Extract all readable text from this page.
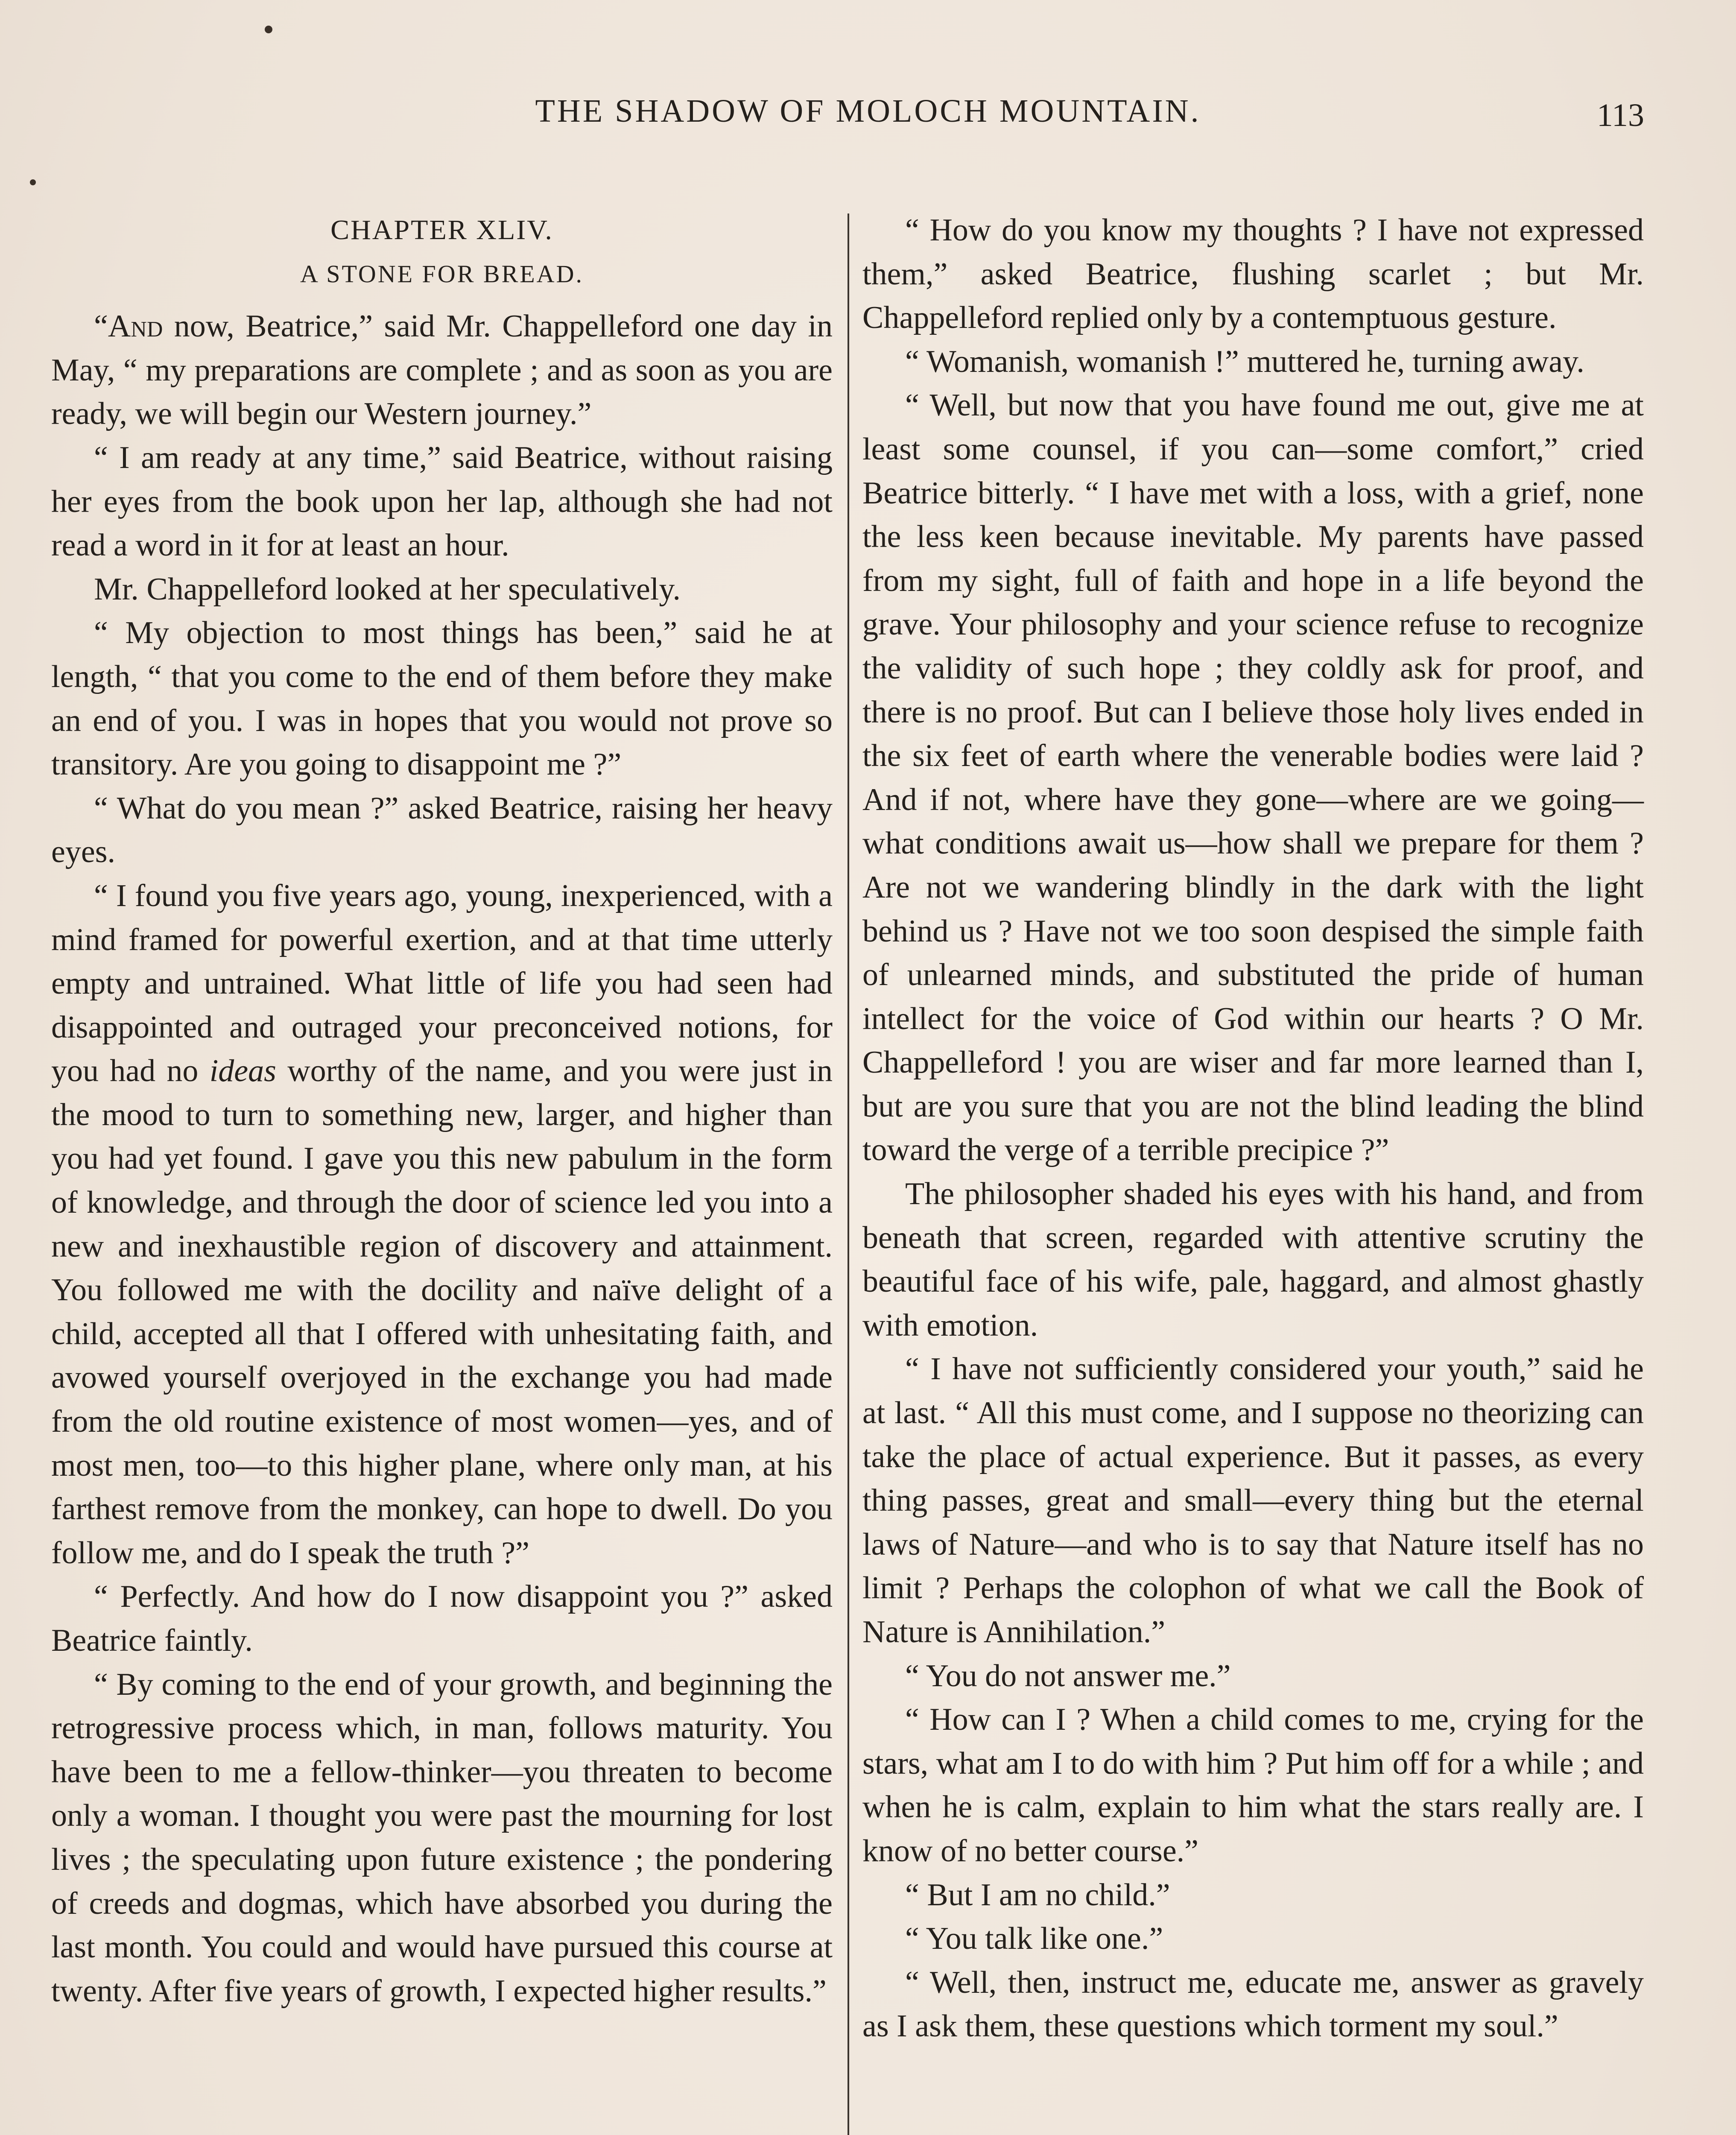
THE SHADOW OF MOLOCH MOUNTAIN.	113
CHAPTER XLIV.
A STONE FOR BREAD.

“And now, Beatrice,” said Mr. Chappelleford one day in May, “ my preparations are complete ; and as soon as you are ready, we will begin our Western journey.”

“ I am ready at any time,” said Beatrice, without raising her eyes from the book upon her lap, although she had not read a word in it for at least an hour.

Mr. Chappelleford looked at her speculatively.

“ My objection to most things has been,” said he at length, “ that you come to the end of them before they make an end of you. I was in hopes that you would not prove so transitory. Are you going to disappoint me ?”

“ What do you mean ?” asked Beatrice, raising her heavy eyes.

“ I found you five years ago, young, inexperienced, with a mind framed for powerful exertion, and at that time utterly empty and untrained. What little of life you had seen had disappointed and outraged your preconceived notions, for you had no ideas worthy of the name, and you were just in the mood to turn to something new, larger, and higher than you had yet found. I gave you this new pabulum in the form of knowledge, and through the door of science led you into a new and inexhaustible region of discovery and attainment. You followed me with the docility and naïve delight of a child, accepted all that I offered with unhesitating faith, and avowed yourself overjoyed in the exchange you had made from the old routine existence of most women—yes, and of most men, too—to this higher plane, where only man, at his farthest remove from the monkey, can hope to dwell. Do you follow me, and do I speak the truth ?”

“ Perfectly. And how do I now disappoint you ?” asked Beatrice faintly.

“ By coming to the end of your growth, and beginning the retrogressive process which, in man, follows maturity. You have been to me a fellow-thinker—you threaten to become only a woman. I thought you were past the mourning for lost lives ; the speculating upon future existence ; the pondering of creeds and dogmas, which have absorbed you during the last month. You could and would have pursued this course at twenty. After five years of growth, I expected higher results.”

“ How do you know my thoughts ? I have not expressed them,” asked Beatrice, flushing scarlet ; but Mr. Chappelleford replied only by a contemptuous gesture.

“ Womanish, womanish !” muttered he, turning away.

“ Well, but now that you have found me out, give me at least some counsel, if you can—some comfort,” cried Beatrice bitterly. “ I have met with a loss, with a grief, none the less keen because inevitable. My parents have passed from my sight, full of faith and hope in a life beyond the grave. Your philosophy and your science refuse to recognize the validity of such hope ; they coldly ask for proof, and there is no proof. But can I believe those holy lives ended in the six feet of earth where the venerable bodies were laid ? And if not, where have they gone—where are we going—what conditions await us—how shall we prepare for them ? Are not we wandering blindly in the dark with the light behind us ? Have not we too soon despised the simple faith of unlearned minds, and substituted the pride of human intellect for the voice of God within our hearts ? O Mr. Chappelleford ! you are wiser and far more learned than I, but are you sure that you are not the blind leading the blind toward the verge of a terrible precipice ?”

The philosopher shaded his eyes with his hand, and from beneath that screen, regarded with attentive scrutiny the beautiful face of his wife, pale, haggard, and almost ghastly with emotion.

“ I have not sufficiently considered your youth,” said he at last. “ All this must come, and I suppose no theorizing can take the place of actual experience. But it passes, as every thing passes, great and small—every thing but the eternal laws of Nature—and who is to say that Nature itself has no limit ? Perhaps the colophon of what we call the Book of Nature is Annihilation.”

“ You do not answer me.”

“ How can I ? When a child comes to me, crying for the stars, what am I to do with him ? Put him off for a while ; and when he is calm, explain to him what the stars really are. I know of no better course.”

“ But I am no child.”

“ You talk like one.”

“ Well, then, instruct me, educate me, answer as gravely as I ask them, these questions which torment my soul.”
